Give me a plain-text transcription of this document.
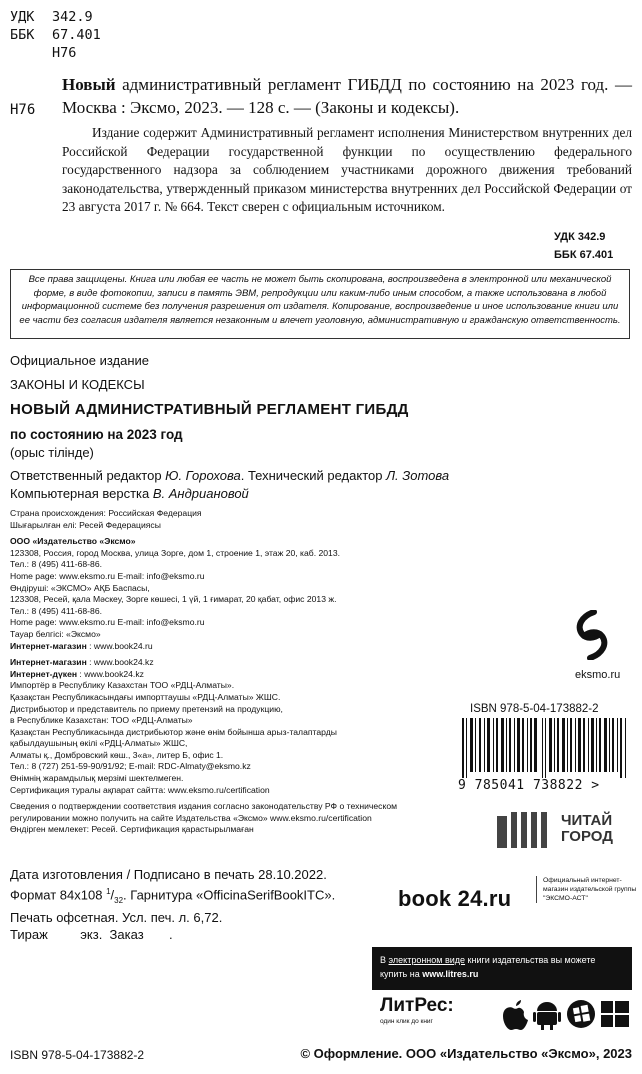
УДК 342.9
ББК 67.401
Н76
Н76
Новый административный регламент ГИБДД по состоянию на 2023 год. — Москва : Эксмо, 2023. — 128 с. — (Законы и кодексы).
Издание содержит Административный регламент исполнения Министерством внутренних дел Российской Федерации государственной функции по осуществлению федерального государственного надзора за соблюдением участниками дорожного движения требований законодательства, утвержденный приказом министерства внутренних дел Российской Федерации от 23 августа 2017 г. № 664. Текст сверен с официальным источником.
УДК 342.9
ББК 67.401
Все права защищены. Книга или любая ее часть не может быть скопирована, воспроизведена в электронной или механической форме, в виде фотокопии, записи в память ЭВМ, репродукции или каким-либо иным способом, а также использована в любой информационной системе без получения разрешения от издателя. Копирование, воспроизведение и иное использование книги или ее части без согласия издателя является незаконным и влечет уголовную, административную и гражданскую ответственность.
Официальное издание
ЗАКОНЫ И КОДЕКСЫ
НОВЫЙ АДМИНИСТРАТИВНЫЙ РЕГЛАМЕНТ ГИБДД
по состоянию на 2023 год
(орыс тілінде)
Ответственный редактор Ю. Горохова. Технический редактор Л. Зотова
Компьютерная верстка В. Андриановой
Страна происхождения: Российская Федерация
Шығарылған елі: Ресей Федерациясы
ООО «Издательство «Эксмо»
123308, Россия, город Москва, улица Зорге, дом 1, строение 1, этаж 20, каб. 2013.
Тел.: 8 (495) 411-68-86.
Home page: www.eksmo.ru E-mail: info@eksmo.ru
Өндіруші: «ЭКСМО» АҚБ Баспасы,
123308, Ресей, қала Мәскеу, Зорге көшесі, 1 үй, 1 ғимарат, 20 қабат, офис 2013 ж.
Тел.: 8 (495) 411-68-86.
Home page: www.eksmo.ru E-mail: info@eksmo.ru
Тауар белгісі: «Эксмо»
Интернет-магазин : www.book24.ru
Интернет-магазин : www.book24.kz
Интернет-дүкен : www.book24.kz
Импортёр в Республику Казахстан ТОО «РДЦ-Алматы».
Қазақстан Республикасындағы импорттаушы «РДЦ-Алматы» ЖШС.
Дистрибьютор и представитель по приему претензий на продукцию,
в Республике Казахстан: ТОО «РДЦ-Алматы»
Қазақстан Республикасында дистрибьютор және өнім бойынша арыз-талаптарды
қабылдаушының өкілі «РДЦ-Алматы» ЖШС,
Алматы қ., Домбровский көш., 3«а», литер Б, офис 1.
Тел.: 8 (727) 251-59-90/91/92; E-mail: RDC-Almaty@eksmo.kz
Өнімнің жарамдылық мерзімі шектелмеген.
Сертификация туралы ақпарат сайтта: www.eksmo.ru/certification
Сведения о подтверждении соответствия издания согласно законодательству РФ о техническом
регулировании можно получить на сайте Издательства «Эксмо» www.eksmo.ru/certification
Өндірген мемлекет: Ресей. Сертификация қарастырылмаған
Дата изготовления / Подписано в печать 28.10.2022.
Формат 84х108 $^1/_{32}$. Гарнитура «OfficinaSerifBookITC».
Печать офсетная. Усл. печ. л. 6,72.
Тираж         экз.  Заказ       .
ISBN 978-5-04-173882-2	© Оформление. ООО «Издательство «Эксмо», 2023
eksmo.ru
ISBN 978-5-04-173882-2
9 785041 738822 >
ЧИТАЙ
ГОРОД
book 24.ru
Официальный интернет-магазин издательской группы "ЭКСМО-АСТ"
В электронном виде книги издательства вы можете
купить на www.litres.ru
ЛитРес:
один клик до книг
